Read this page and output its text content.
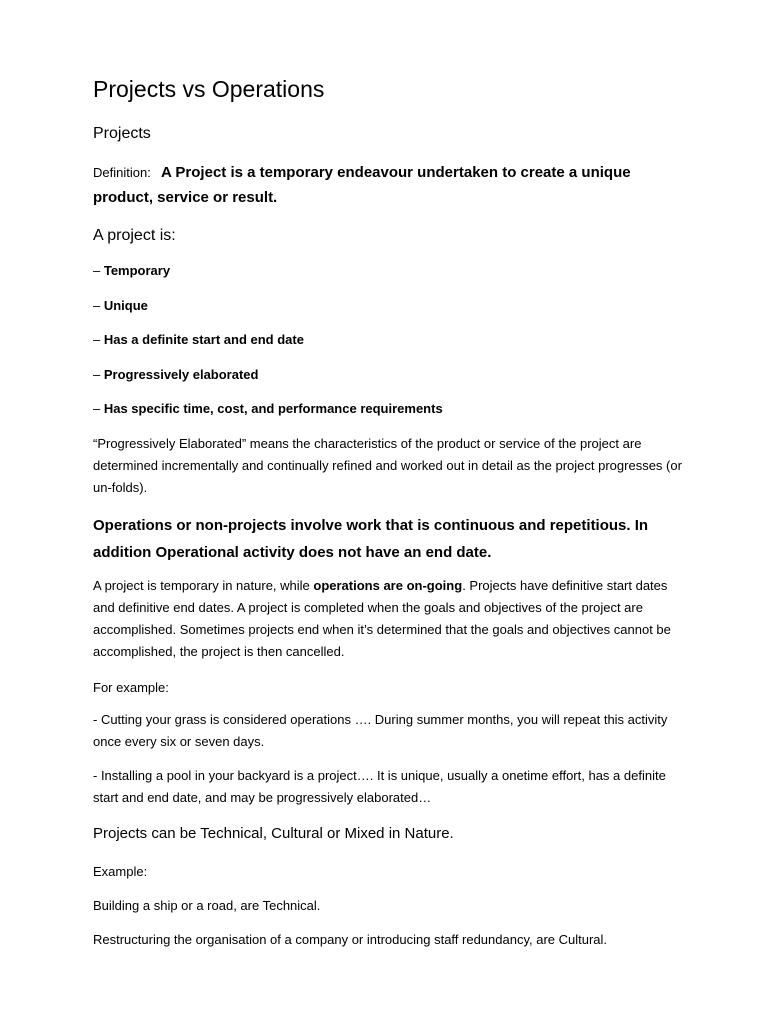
Projects vs Operations
Projects
Definition: A Project is a temporary endeavour undertaken to create a unique product, service or result.
A project is:
– Temporary
– Unique
– Has a definite start and end date
– Progressively elaborated
– Has specific time, cost, and performance requirements
“Progressively Elaborated” means the characteristics of the product or service of the project are determined incrementally and continually refined and worked out in detail as the project progresses (or un-folds).
Operations or non-projects involve work that is continuous and repetitious. In addition Operational activity does not have an end date.
A project is temporary in nature, while operations are on-going. Projects have definitive start dates and definitive end dates. A project is completed when the goals and objectives of the project are accomplished. Sometimes projects end when it’s determined that the goals and objectives cannot be accomplished, the project is then cancelled.
For example:
- Cutting your grass is considered operations …. During summer months, you will repeat this activity once every six or seven days.
- Installing a pool in your backyard is a project…. It is unique, usually a onetime effort, has a definite start and end date, and may be progressively elaborated…
Projects can be Technical, Cultural or Mixed in Nature.
Example:
Building a ship or a road, are Technical.
Restructuring the organisation of a company or introducing staff redundancy, are Cultural.
